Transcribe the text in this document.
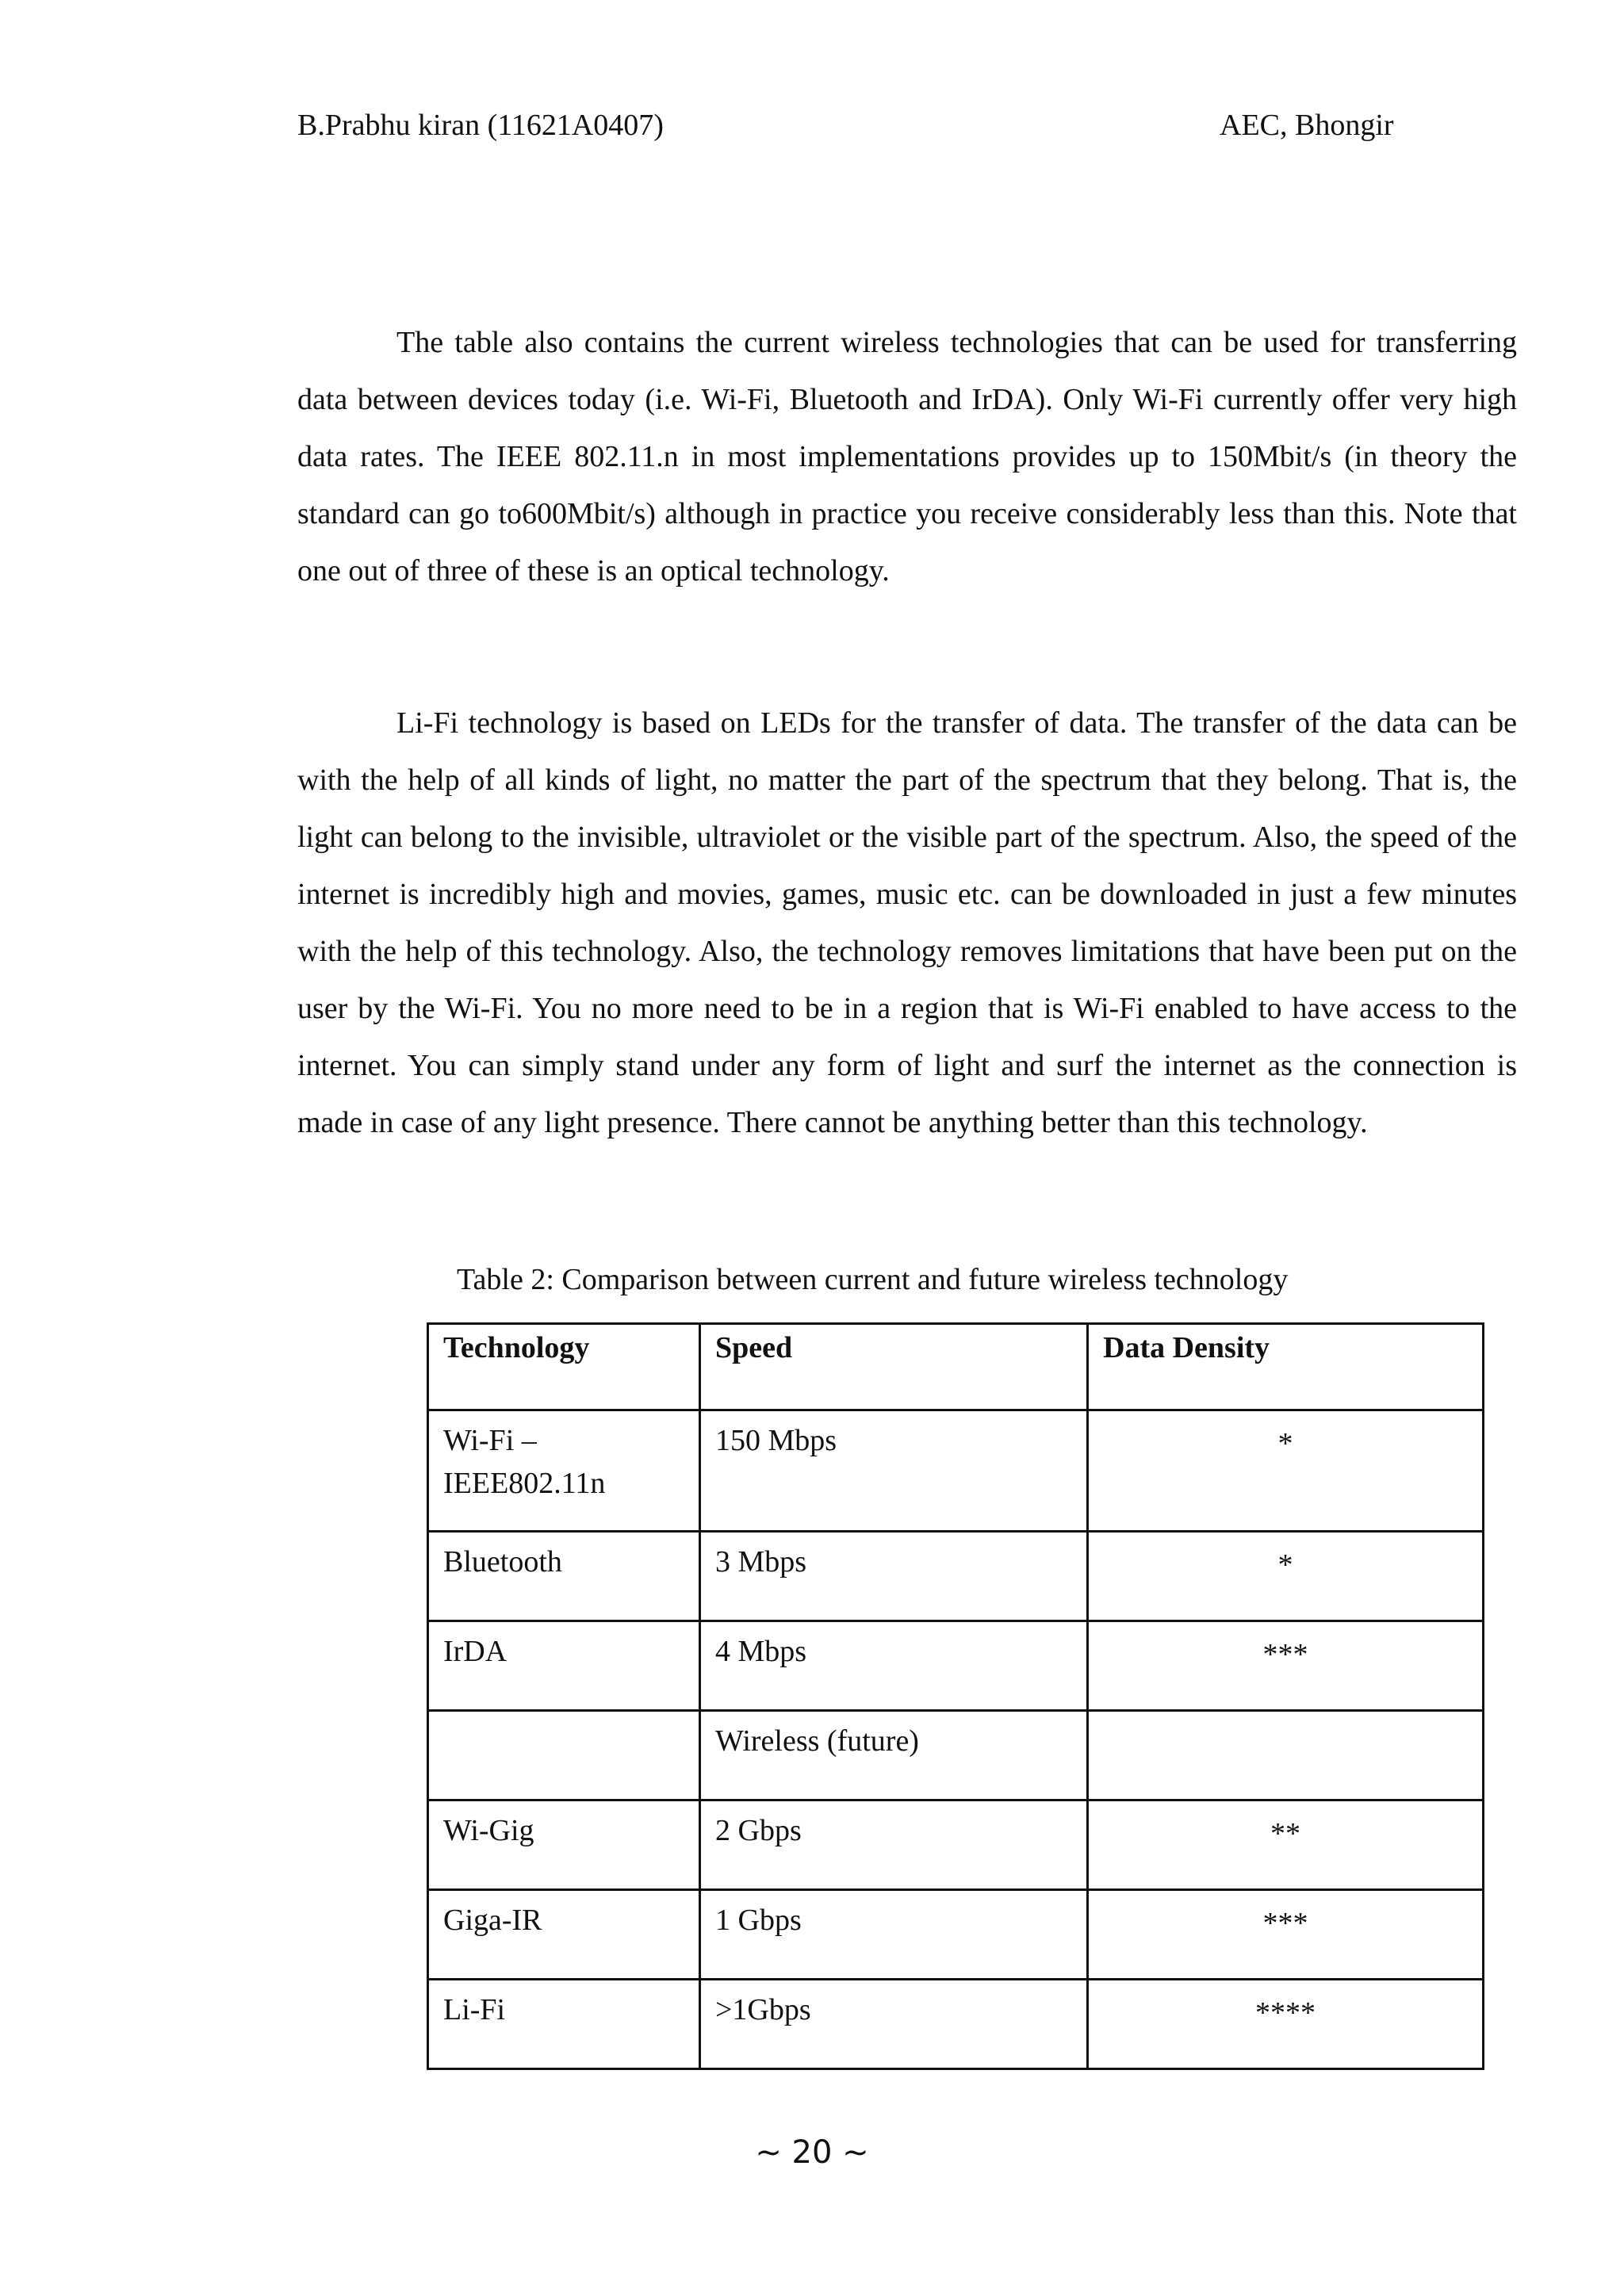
B.Prabhu kiran (11621A0407)	AEC, Bhongir

The table also contains the current wireless technologies that can be used for transferring data between devices today (i.e. Wi-Fi, Bluetooth and IrDA). Only Wi-Fi currently offer very high data rates. The IEEE 802.11.n in most implementations provides up to 150Mbit/s (in theory the standard can go to600Mbit/s) although in practice you receive considerably less than this. Note that one out of three of these is an optical technology.

Li-Fi technology is based on LEDs for the transfer of data. The transfer of the data can be with the help of all kinds of light, no matter the part of the spectrum that they belong. That is, the light can belong to the invisible, ultraviolet or the visible part of the spectrum. Also, the speed of the internet is incredibly high and movies, games, music etc. can be downloaded in just a few minutes with the help of this technology. Also, the technology removes limitations that have been put on the user by the Wi-Fi. You no more need to be in a region that is Wi-Fi enabled to have access to the internet. You can simply stand under any form of light and surf the internet as the connection is made in case of any light presence. There cannot be anything better than this technology.

Table 2: Comparison between current and future wireless technology
Technology	Speed	Data Density
Wi-Fi – IEEE802.11n	150 Mbps	*
Bluetooth	3 Mbps	*
IrDA	4 Mbps	***
	Wireless (future)	
Wi-Gig	2 Gbps	**
Giga-IR	1 Gbps	***
Li-Fi	>1Gbps	****
~ 20 ~
